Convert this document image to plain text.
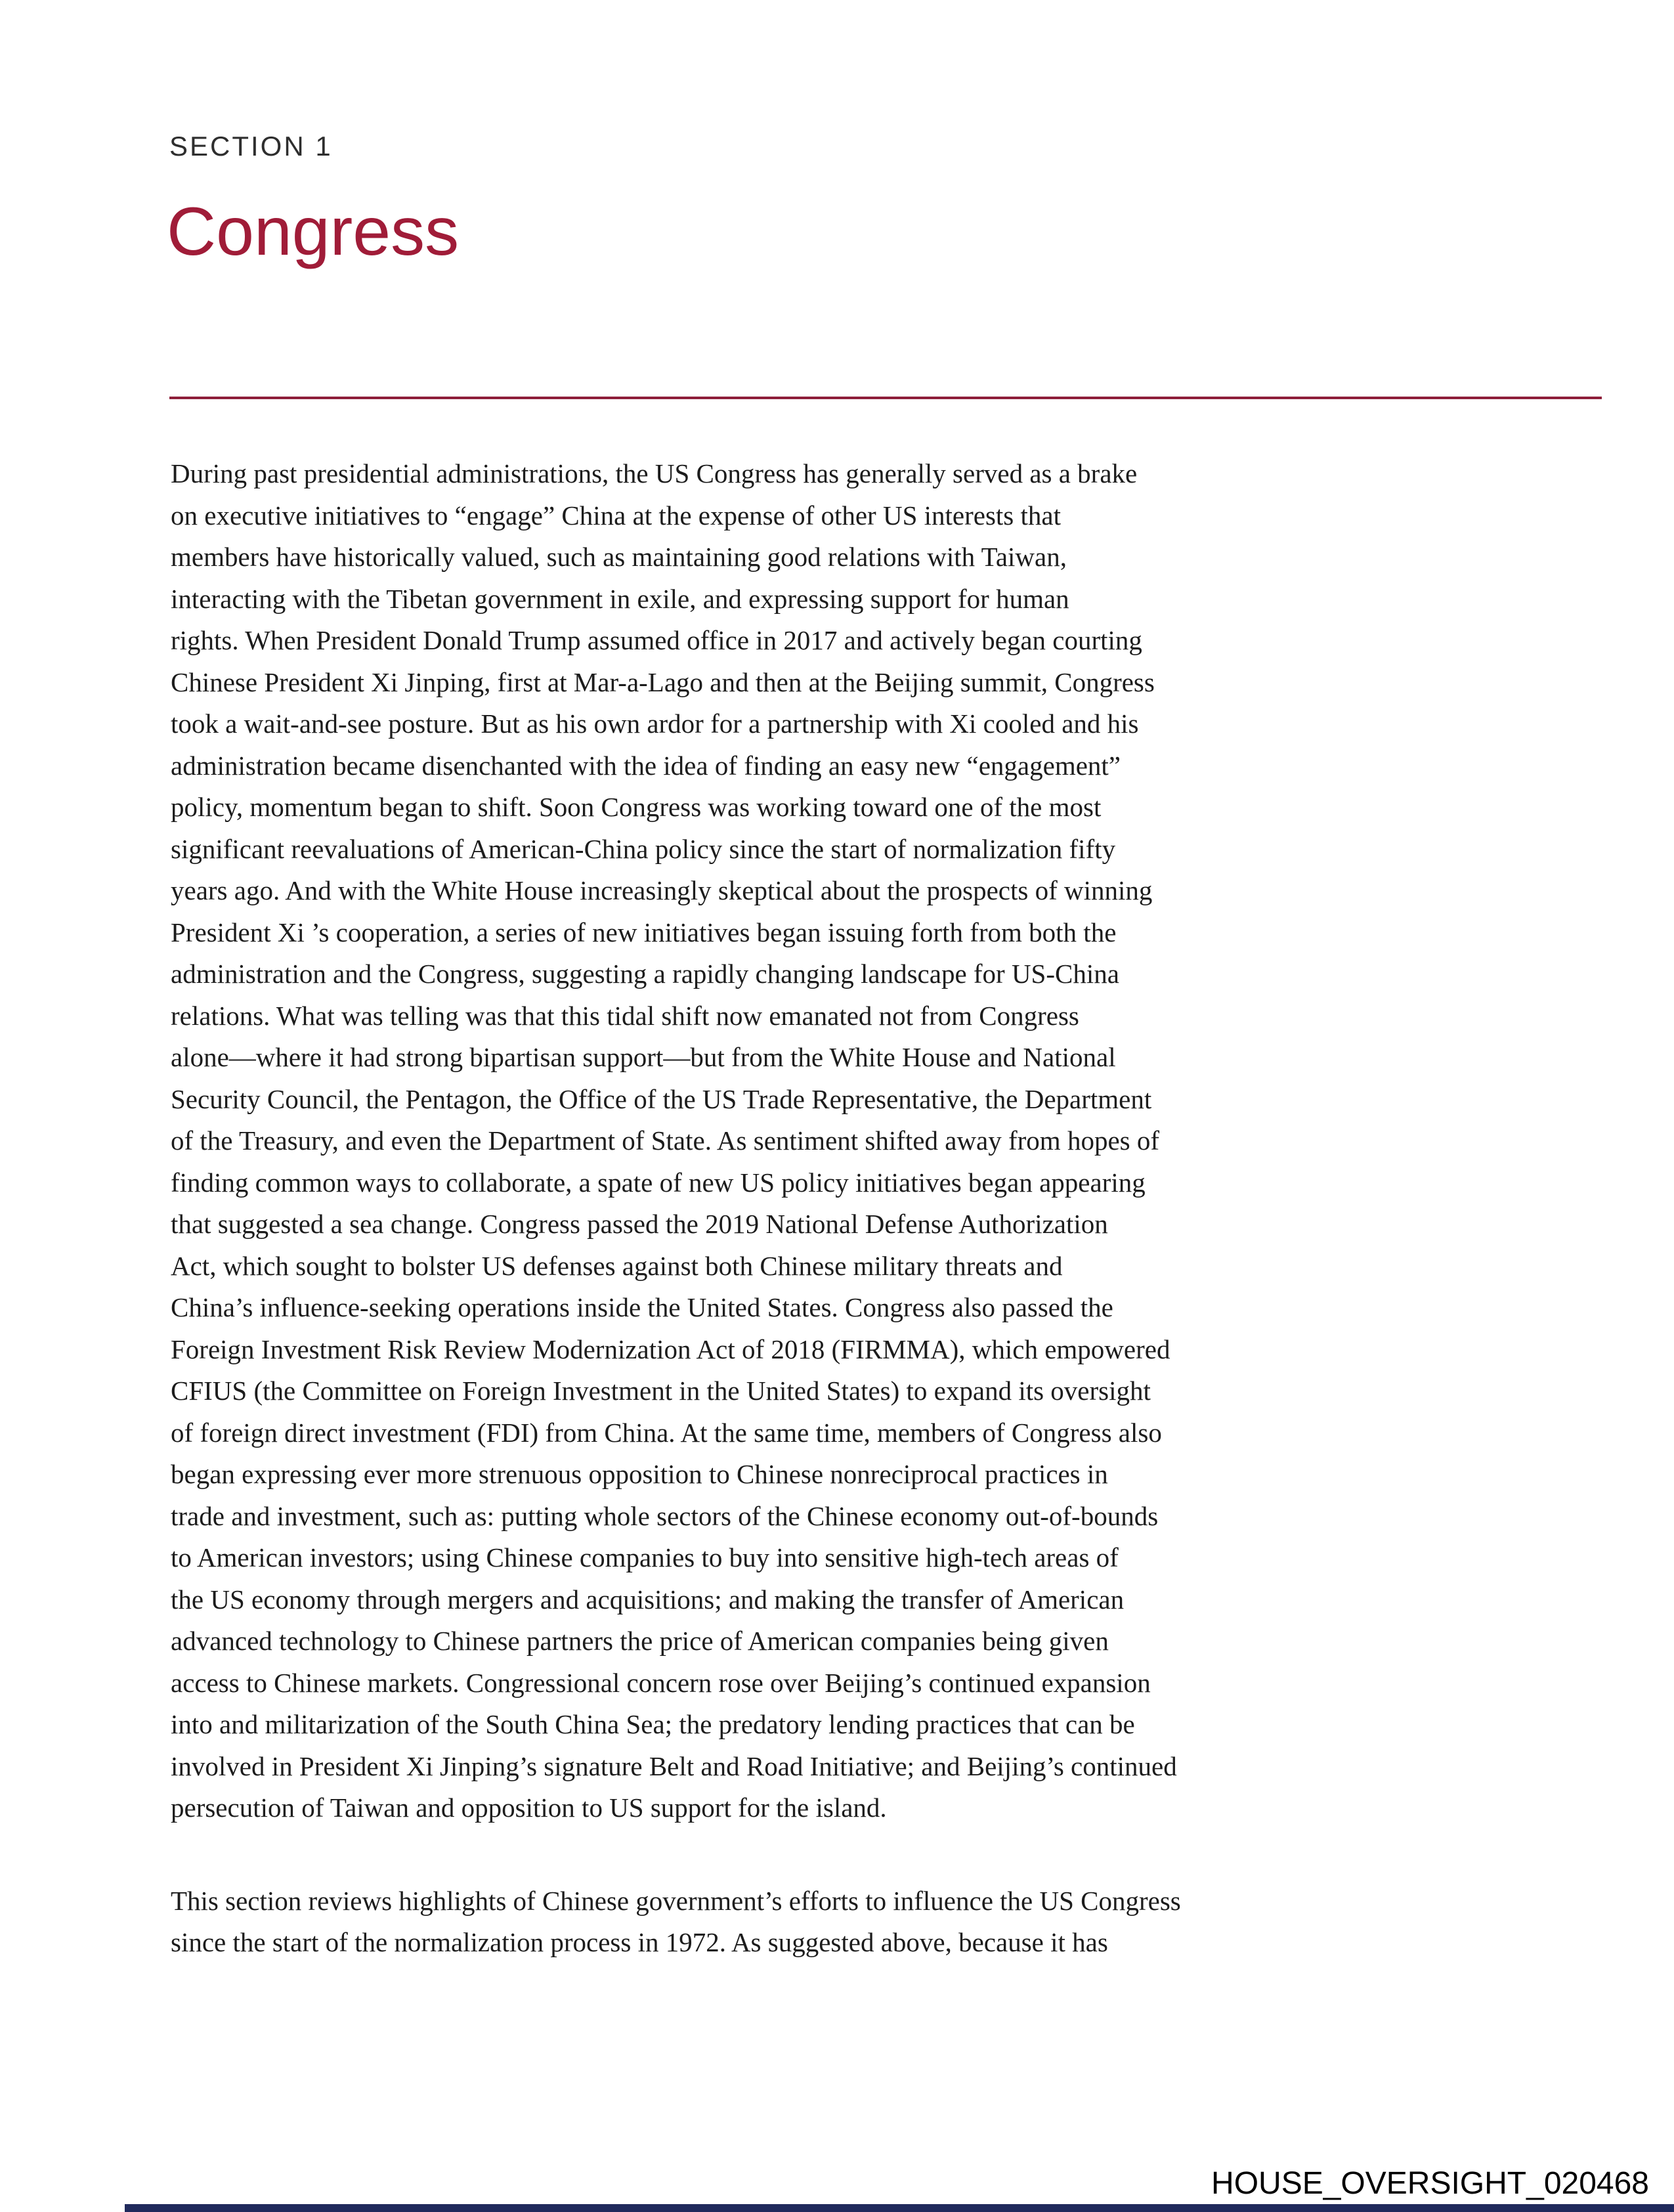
SECTION 1
Congress
During past presidential administrations, the US Congress has generally served as a brake
on executive initiatives to “engage” China at the expense of other US interests that
members have historically valued, such as maintaining good relations with Taiwan,
interacting with the Tibetan government in exile, and expressing support for human
rights. When President Donald Trump assumed office in 2017 and actively began courting
Chinese President Xi Jinping, first at Mar-a-Lago and then at the Beijing summit, Congress
took a wait-and-see posture. But as his own ardor for a partnership with Xi cooled and his
administration became disenchanted with the idea of finding an easy new “engagement”
policy, momentum began to shift. Soon Congress was working toward one of the most
significant reevaluations of American-China policy since the start of normalization fifty
years ago. And with the White House increasingly skeptical about the prospects of winning
President Xi ’s cooperation, a series of new initiatives began issuing forth from both the
administration and the Congress, suggesting a rapidly changing landscape for US-China
relations. What was telling was that this tidal shift now emanated not from Congress
alone—where it had strong bipartisan support—but from the White House and National
Security Council, the Pentagon, the Office of the US Trade Representative, the Department
of the Treasury, and even the Department of State. As sentiment shifted away from hopes of
finding common ways to collaborate, a spate of new US policy initiatives began appearing
that suggested a sea change. Congress passed the 2019 National Defense Authorization
Act, which sought to bolster US defenses against both Chinese military threats and
China’s influence-seeking operations inside the United States. Congress also passed the
Foreign Investment Risk Review Modernization Act of 2018 (FIRMMA), which empowered
CFIUS (the Committee on Foreign Investment in the United States) to expand its oversight
of foreign direct investment (FDI) from China. At the same time, members of Congress also
began expressing ever more strenuous opposition to Chinese nonreciprocal practices in
trade and investment, such as: putting whole sectors of the Chinese economy out-of-bounds
to American investors; using Chinese companies to buy into sensitive high-tech areas of
the US economy through mergers and acquisitions; and making the transfer of American
advanced technology to Chinese partners the price of American companies being given
access to Chinese markets. Congressional concern rose over Beijing’s continued expansion
into and militarization of the South China Sea; the predatory lending practices that can be
involved in President Xi Jinping’s signature Belt and Road Initiative; and Beijing’s continued
persecution of Taiwan and opposition to US support for the island.
This section reviews highlights of Chinese government’s efforts to influence the US Congress
since the start of the normalization process in 1972. As suggested above, because it has
HOUSE_OVERSIGHT_020468
